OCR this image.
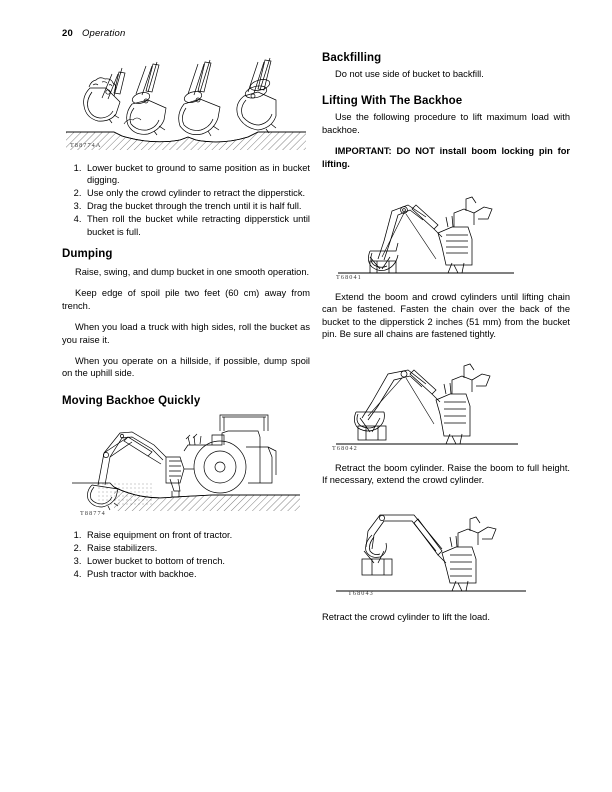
20 Operation
T88774A
1. Lower bucket to ground to same position as in bucket digging.
2. Use only the crowd cylinder to retract the dipperstick.
3. Drag the bucket through the trench until it is half full.
4. Then roll the bucket while retracting dipperstick until bucket is full.
Dumping

Raise, swing, and dump bucket in one smooth operation.

Keep edge of spoil pile two feet (60 cm) away from trench.

When you load a truck with high sides, roll the bucket as you raise it.

When you operate on a hillside, if possible, dump spoil on the uphill side.

Moving Backhoe Quickly
T88774
1. Raise equipment on front of tractor.
2. Raise stabilizers.
3. Lower bucket to bottom of trench.
4. Push tractor with backhoe.
Backfilling

Do not use side of bucket to backfill.

Lifting With The Backhoe

Use the following procedure to lift maximum load with backhoe.

IMPORTANT: DO NOT install boom locking pin for lifting.

T68041

Extend the boom and crowd cylinders until lifting chain can be fastened. Fasten the chain over the back of the bucket to the dipperstick 2 inches (51 mm) from the bucket pin. Be sure all chains are fastened tightly.

T68042

Retract the boom cylinder. Raise the boom to full height. If necessary, extend the crowd cylinder.

T68043

Retract the crowd cylinder to lift the load.
